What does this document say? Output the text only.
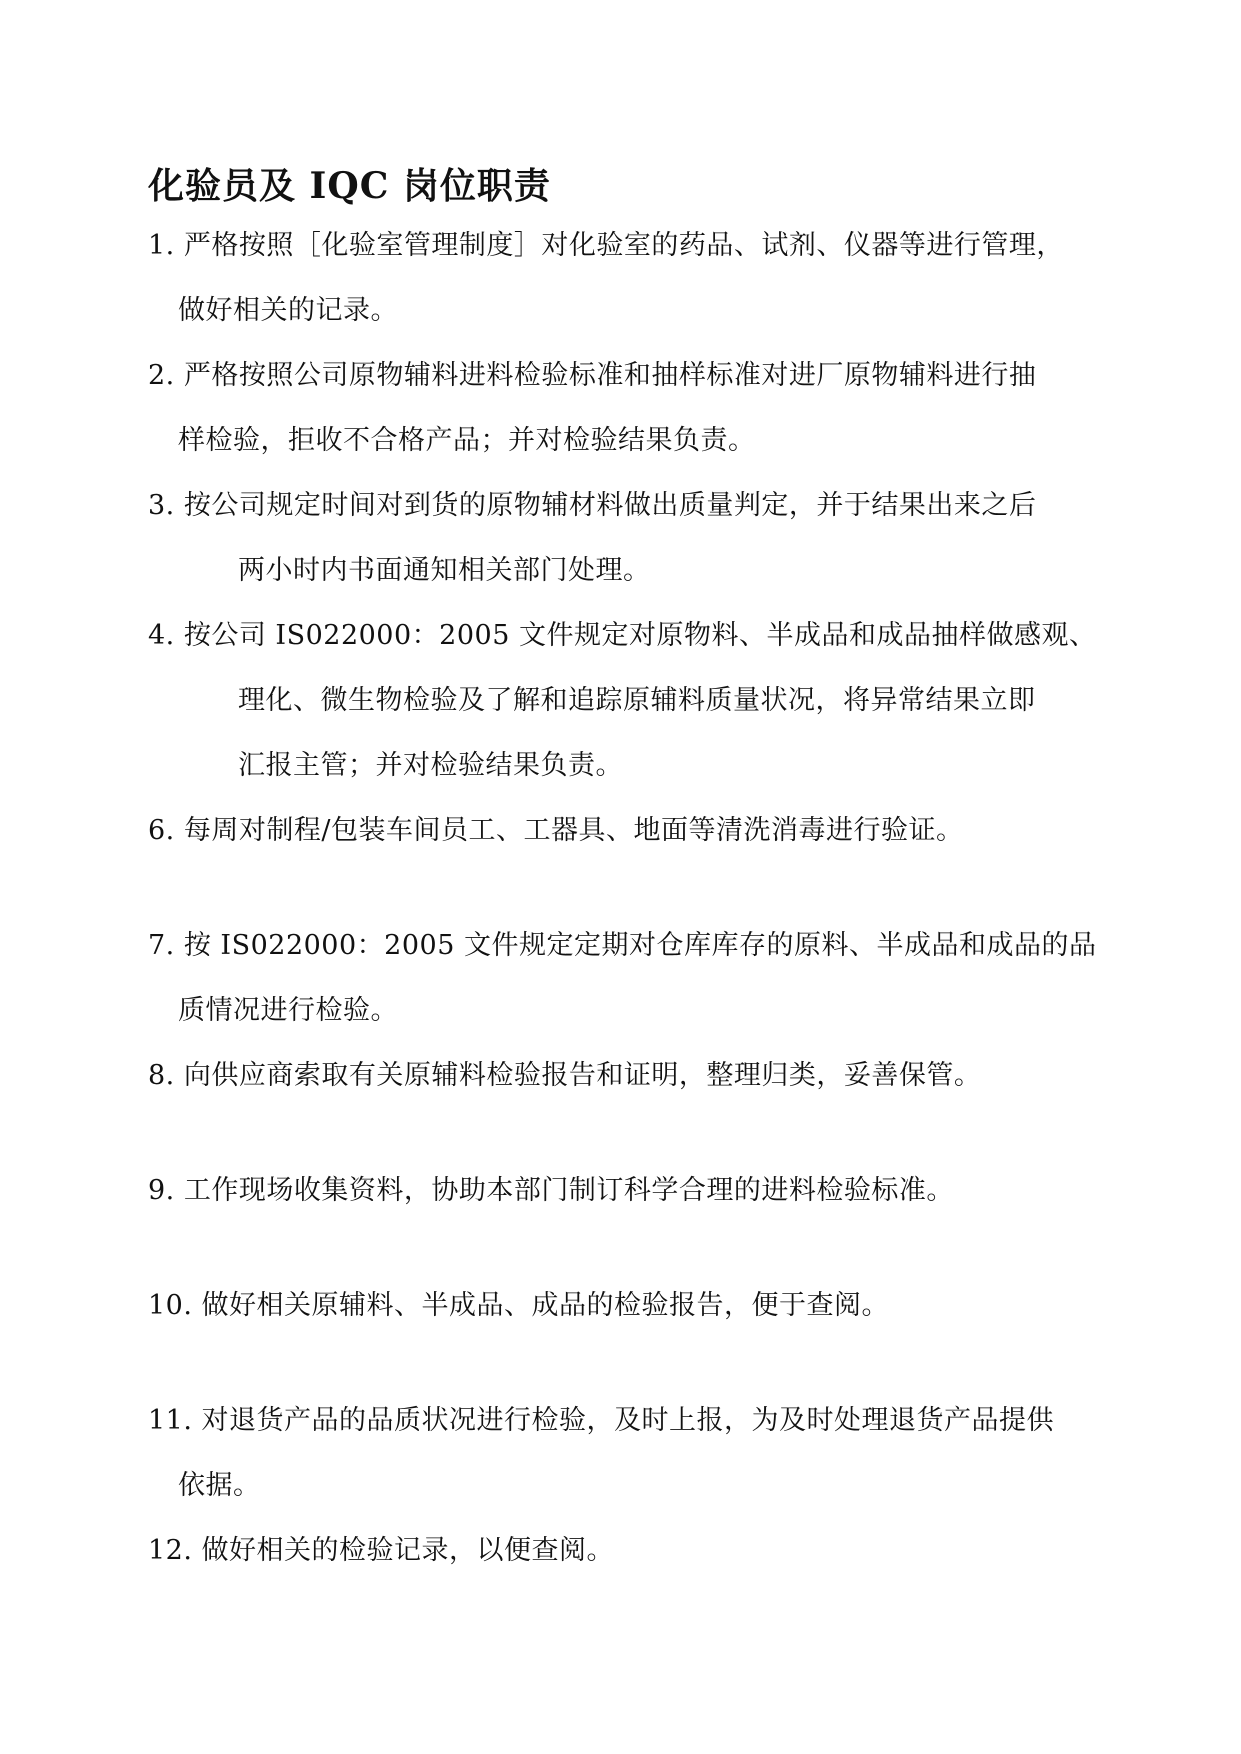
化验员及 IQC 岗位职责
1. 严格按照［化验室管理制度］对化验室的药品、试剂、仪器等进行管理，
做好相关的记录。
2. 严格按照公司原物辅料进料检验标准和抽样标准对进厂原物辅料进行抽
样检验，拒收不合格产品；并对检验结果负责。
3. 按公司规定时间对到货的原物辅材料做出质量判定，并于结果出来之后
两小时内书面通知相关部门处理。
4. 按公司 IS022000：2005 文件规定对原物料、半成品和成品抽样做感观、
理化、微生物检验及了解和追踪原辅料质量状况，将异常结果立即
汇报主管；并对检验结果负责。
6. 每周对制程/包装车间员工、工器具、地面等清洗消毒进行验证。
7. 按 IS022000：2005 文件规定定期对仓库库存的原料、半成品和成品的品
质情况进行检验。
8. 向供应商索取有关原辅料检验报告和证明，整理归类，妥善保管。
9. 工作现场收集资料，协助本部门制订科学合理的进料检验标准。
10. 做好相关原辅料、半成品、成品的检验报告，便于查阅。
11. 对退货产品的品质状况进行检验，及时上报，为及时处理退货产品提供
依据。
12. 做好相关的检验记录，以便查阅。
